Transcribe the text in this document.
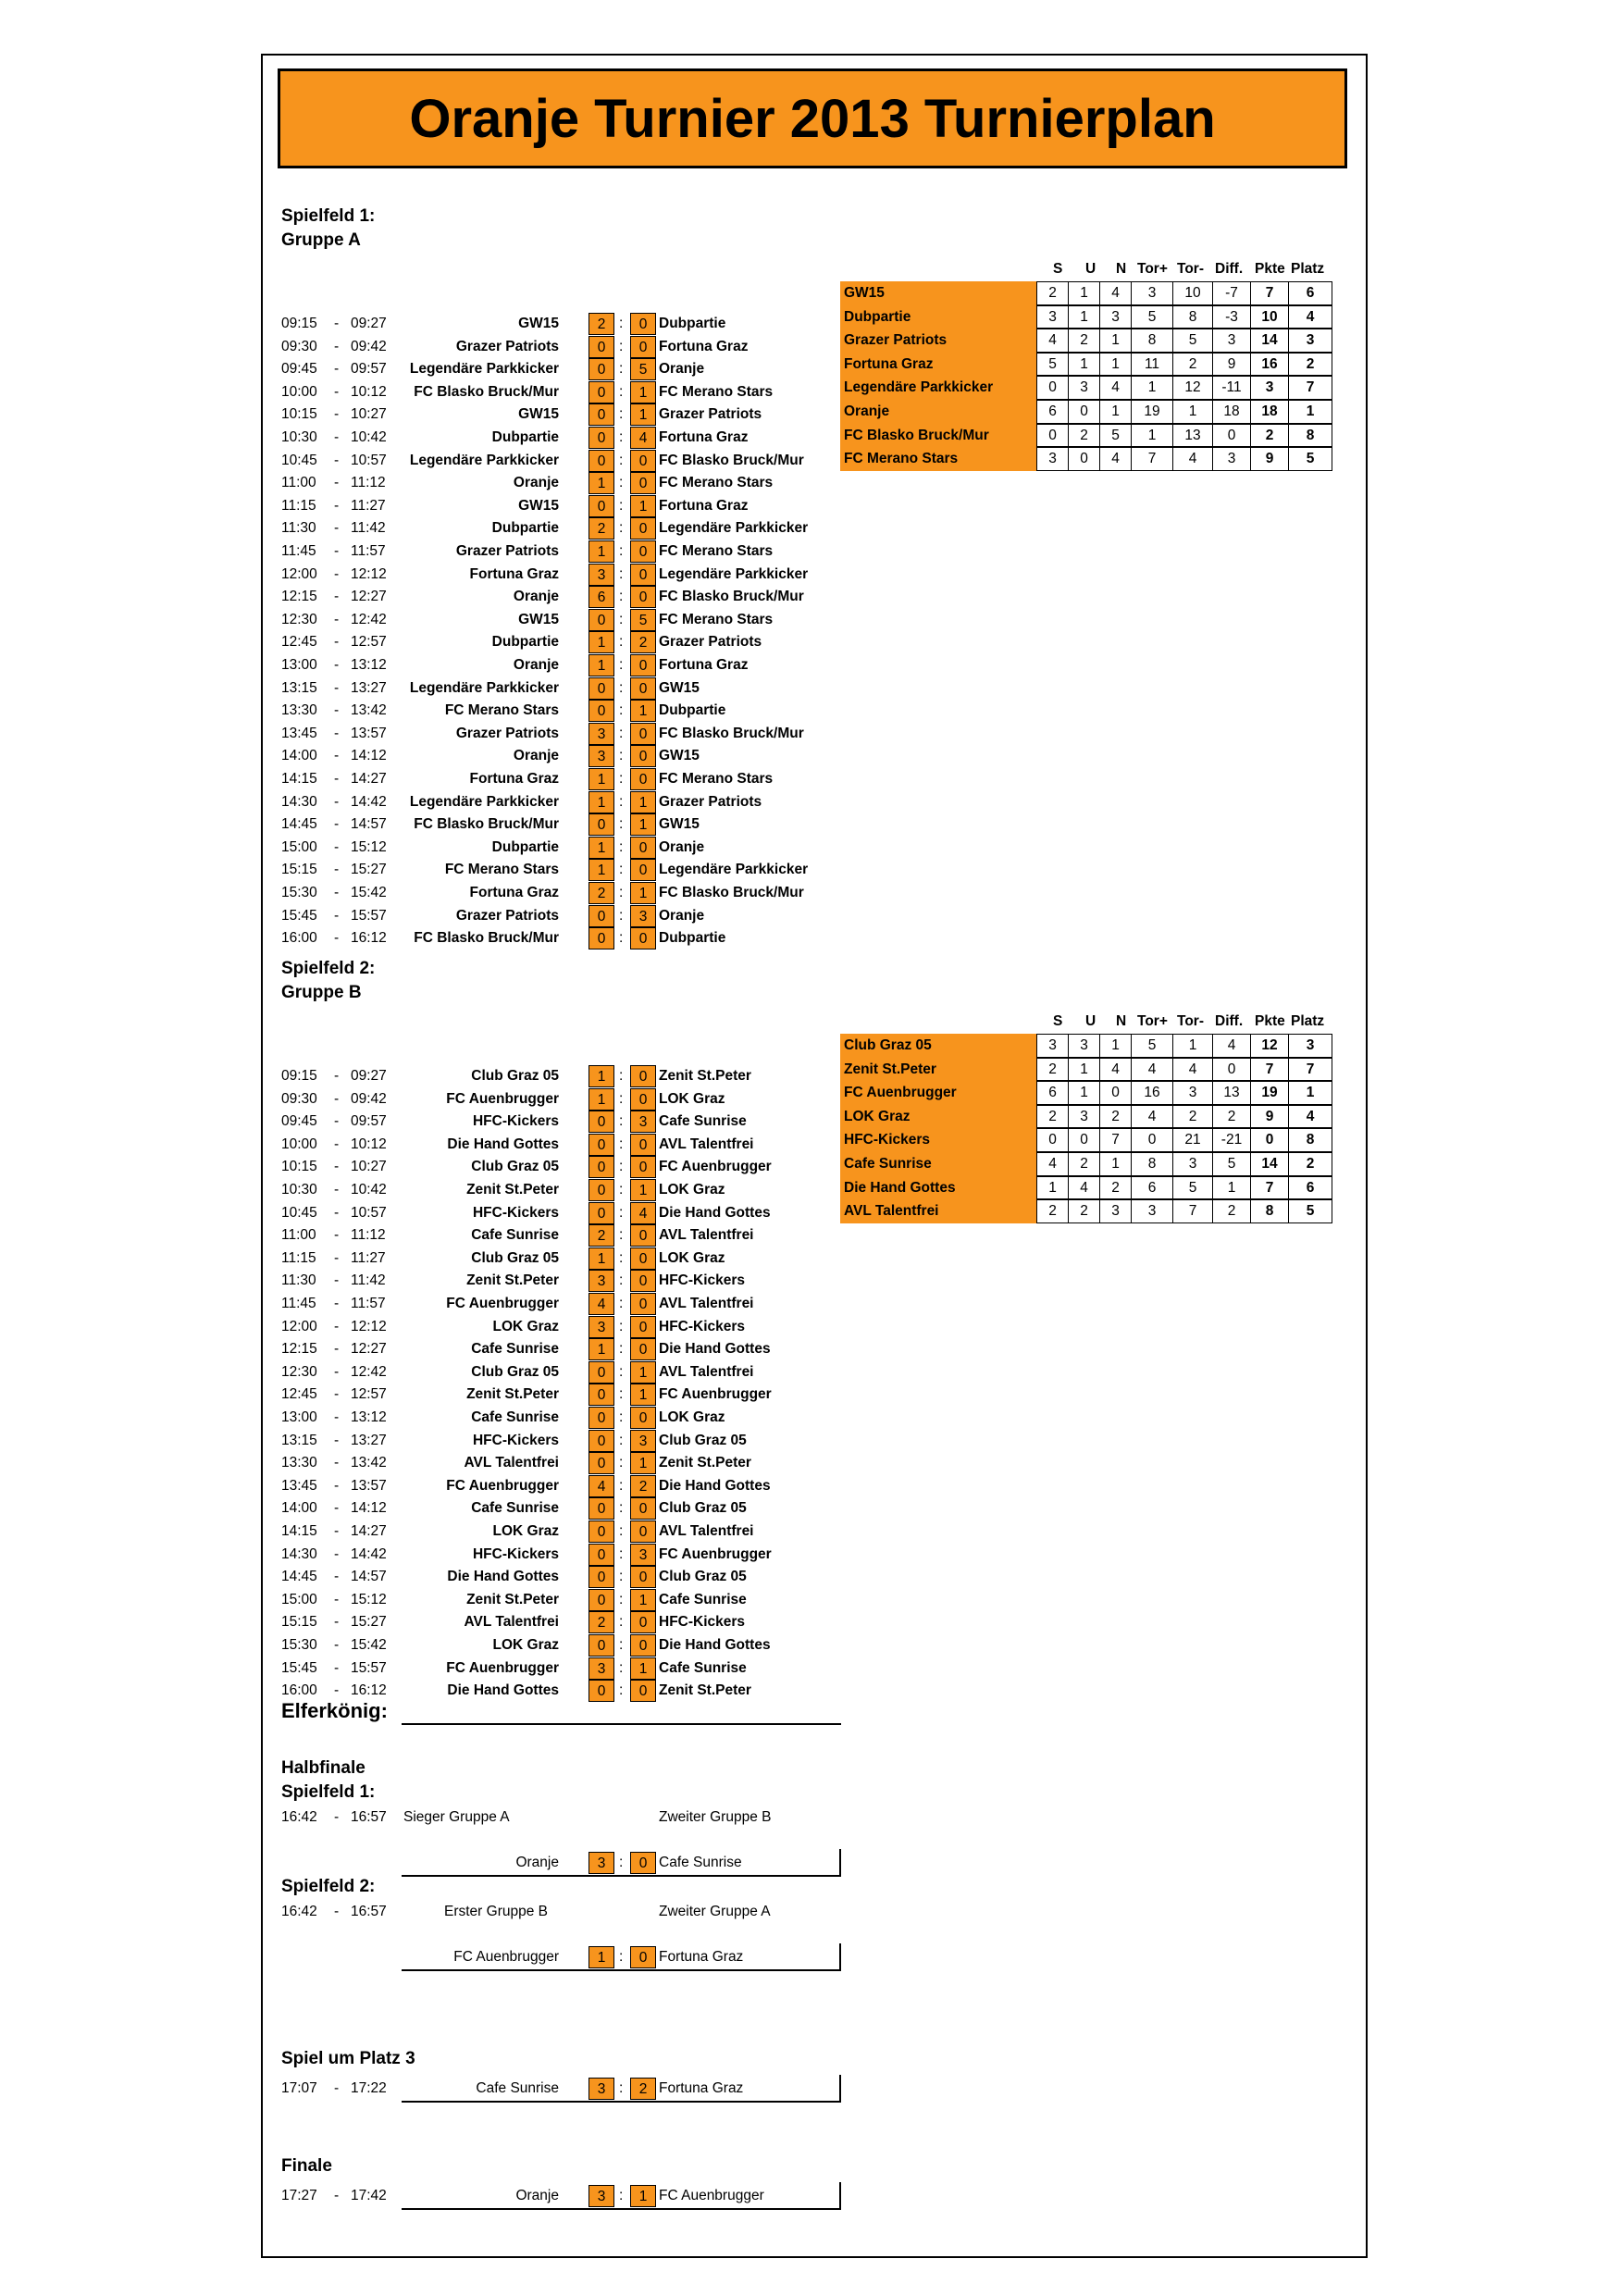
Oranje Turnier 2013 Turnierplan
Spielfeld 1:
Gruppe A
09:15 - 09:27	GW15	2 :	0 Dubpartie
09:30 - 09:42	Grazer Patriots	0 :	0 Fortuna Graz
09:45 - 09:57 Legendäre Parkkicker	0 :	5 Oranje
10:00 - 10:12 FC Blasko Bruck/Mur	0 :	1 FC Merano Stars
10:15 - 10:27	GW15	0 :	1 Grazer Patriots
10:30 - 10:42	Dubpartie	0 :	4 Fortuna Graz
10:45 - 10:57 Legendäre Parkkicker	0 :	0 FC Blasko Bruck/Mur
11:00 - 11:12	Oranje	1 :	0 FC Merano Stars
11:15 - 11:27	GW15	0 :	1 Fortuna Graz
11:30 - 11:42	Dubpartie	2 :	0 Legendäre Parkkicker
11:45 - 11:57	Grazer Patriots	1 :	0 FC Merano Stars
12:00 - 12:12	Fortuna Graz	3 :	0 Legendäre Parkkicker
12:15 - 12:27	Oranje	6 :	0 FC Blasko Bruck/Mur
12:30 - 12:42	GW15	0 :	5 FC Merano Stars
12:45 - 12:57	Dubpartie	1 :	2 Grazer Patriots
13:00 - 13:12	Oranje	1 :	0 Fortuna Graz
13:15 - 13:27 Legendäre Parkkicker	0 :	0 GW15
13:30 - 13:42	FC Merano Stars	0 :	1 Dubpartie
13:45 - 13:57	Grazer Patriots	3 :	0 FC Blasko Bruck/Mur
14:00 - 14:12	Oranje	3 :	0 GW15
14:15 - 14:27	Fortuna Graz	1 :	0 FC Merano Stars
14:30 - 14:42 Legendäre Parkkicker	1 :	1 Grazer Patriots
14:45 - 14:57 FC Blasko Bruck/Mur	0 :	1 GW15
15:00 - 15:12	Dubpartie	1 :	0 Oranje
15:15 - 15:27	FC Merano Stars	1 :	0 Legendäre Parkkicker
15:30 - 15:42	Fortuna Graz	2 :	1 FC Blasko Bruck/Mur
15:45 - 15:57	Grazer Patriots	0 :	3 Oranje
16:00 - 16:12 FC Blasko Bruck/Mur	0 :	0 Dubpartie
S U N Tor+ Tor- Diff. Pkte Platz
GW15	2	1	4	3	10	-7	7	6
Dubpartie	3	1	3	5	8	-3	10	4
Grazer Patriots	4	2	1	8	5	3	14	3
Fortuna Graz	5	1	1	11	2	9	16	2
Legendäre Parkkicker	0	3	4	1	12	-11	3	7
Oranje	6	0	1	19	1	18	18	1
FC Blasko Bruck/Mur	0	2	5	1	13	0	2	8
FC Merano Stars	3	0	4	7	4	3	9	5
Spielfeld 2:
Gruppe B
09:15 - 09:27	Club Graz 05	1 :	0 Zenit St.Peter
09:30 - 09:42	FC Auenbrugger	1 :	0 LOK Graz
09:45 - 09:57	HFC-Kickers	0 :	3 Cafe Sunrise
10:00 - 10:12	Die Hand Gottes	0 :	0 AVL Talentfrei
10:15 - 10:27	Club Graz 05	0 :	0 FC Auenbrugger
10:30 - 10:42	Zenit St.Peter	0 :	1 LOK Graz
10:45 - 10:57	HFC-Kickers	0 :	4 Die Hand Gottes
11:00 - 11:12	Cafe Sunrise	2 :	0 AVL Talentfrei
11:15 - 11:27	Club Graz 05	1 :	0 LOK Graz
11:30 - 11:42	Zenit St.Peter	3 :	0 HFC-Kickers
11:45 - 11:57	FC Auenbrugger	4 :	0 AVL Talentfrei
12:00 - 12:12	LOK Graz	3 :	0 HFC-Kickers
12:15 - 12:27	Cafe Sunrise	1 :	0 Die Hand Gottes
12:30 - 12:42	Club Graz 05	0 :	1 AVL Talentfrei
12:45 - 12:57	Zenit St.Peter	0 :	1 FC Auenbrugger
13:00 - 13:12	Cafe Sunrise	0 :	0 LOK Graz
13:15 - 13:27	HFC-Kickers	0 :	3 Club Graz 05
13:30 - 13:42	AVL Talentfrei	0 :	1 Zenit St.Peter
13:45 - 13:57	FC Auenbrugger	4 :	2 Die Hand Gottes
14:00 - 14:12	Cafe Sunrise	0 :	0 Club Graz 05
14:15 - 14:27	LOK Graz	0 :	0 AVL Talentfrei
14:30 - 14:42	HFC-Kickers	0 :	3 FC Auenbrugger
14:45 - 14:57	Die Hand Gottes	0 :	0 Club Graz 05
15:00 - 15:12	Zenit St.Peter	0 :	1 Cafe Sunrise
15:15 - 15:27	AVL Talentfrei	2 :	0 HFC-Kickers
15:30 - 15:42	LOK Graz	0 :	0 Die Hand Gottes
15:45 - 15:57	FC Auenbrugger	3 :	1 Cafe Sunrise
16:00 - 16:12	Die Hand Gottes	0 :	0 Zenit St.Peter
S U N Tor+ Tor- Diff. Pkte Platz
Club Graz 05	3	3	1	5	1	4	12	3
Zenit St.Peter	2	1	4	4	4	0	7	7
FC Auenbrugger	6	1	0	16	3	13	19	1
LOK Graz	2	3	2	4	2	2	9	4
HFC-Kickers	0	0	7	0	21	-21	0	8
Cafe Sunrise	4	2	1	8	3	5	14	2
Die Hand Gottes	1	4	2	6	5	1	7	6
AVL Talentfrei	2	2	3	3	7	2	8	5
Elferkönig:
Halbfinale
Spielfeld 1:
16:42 - 16:57 Sieger Gruppe A	Zweiter Gruppe B
Oranje	3 :	0 Cafe Sunrise
Spielfeld 2:
16:42 - 16:57	Erster Gruppe B	Zweiter Gruppe A
FC Auenbrugger	1 :	0 Fortuna Graz
Spiel um Platz 3
17:07 - 17:22	Cafe Sunrise	3 :	2 Fortuna Graz
Finale
17:27 - 17:42	Oranje	3 :	1 FC Auenbrugger
